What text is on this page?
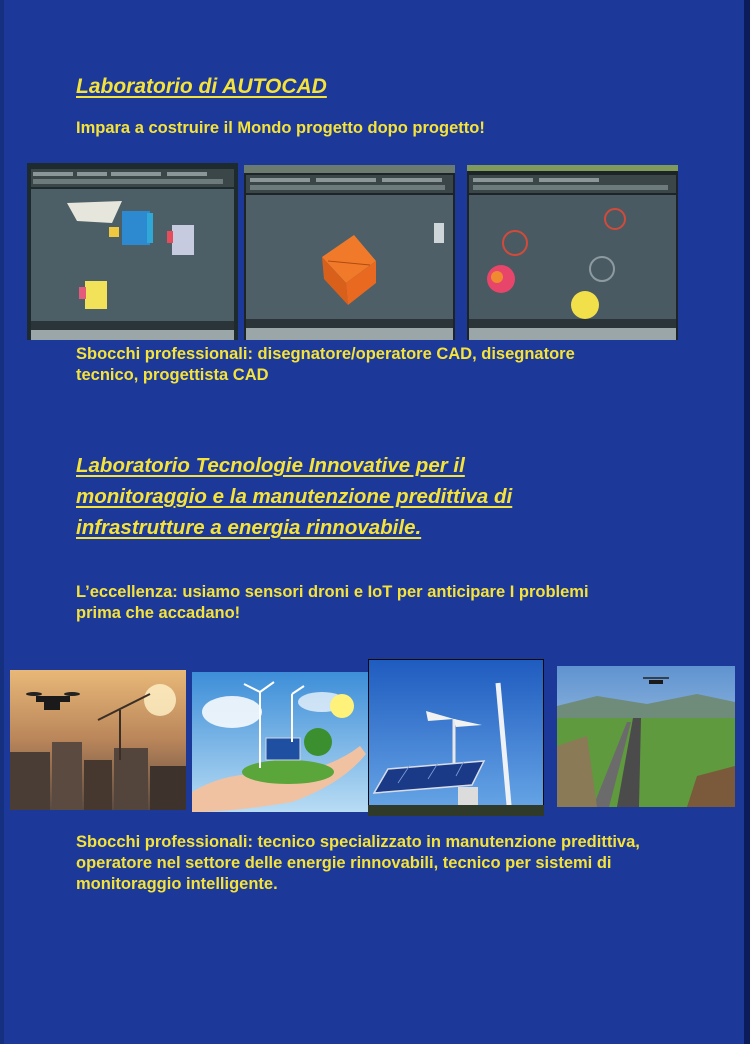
Laboratorio di AUTOCAD

Impara a costruire il Mondo progetto dopo progetto!

Sbocchi professionali: disegnatore/operatore CAD, disegnatore tecnico, progettista CAD

Laboratorio Tecnologie Innovative per il
monitoraggio e la manutenzione predittiva di
infrastrutture a energia rinnovabile.

L’eccellenza: usiamo sensori droni e IoT per anticipare I problemi prima che accadano!

Sbocchi professionali: tecnico specializzato in manutenzione predittiva, operatore nel settore delle energie rinnovabili, tecnico per sistemi di monitoraggio intelligente.
